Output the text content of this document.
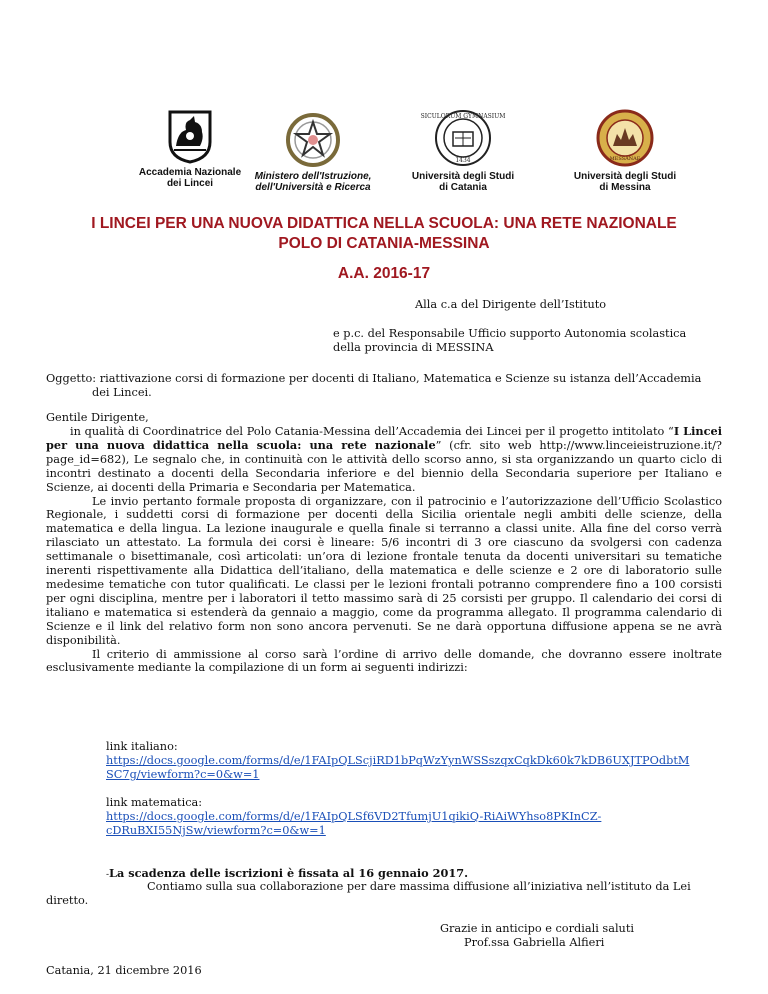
Accademia Nazionale
dei Lincei
Ministero dell'Istruzione,
dell'Università e Ricerca
SICULORUM GYMNASIUM
1434
Università degli Studi
di Catania
MESSANAE
Università degli Studi
di Messina
I LINCEI PER UNA NUOVA DIDATTICA NELLA SCUOLA: UNA RETE NAZIONALE
POLO DI CATANIA-MESSINA
A.A. 2016-17
Alla c.a del Dirigente dell’Istituto
e p.c. del Responsabile Ufficio supporto Autonomia scolastica
della provincia di MESSINA
Oggetto: riattivazione corsi di formazione per docenti di Italiano, Matematica e Scienze su istanza dell’Accademia
dei Lincei.
Gentile Dirigente,

in qualità di Coordinatrice del Polo Catania-Messina dell’Accademia dei Lincei per il progetto intitolato “I Lincei per una nuova didattica nella scuola: una rete nazionale” (cfr. sito web http://www.linceieistruzione.it/?page_id=682), Le segnalo che, in continuità con le attività dello scorso anno, si sta organizzando un quarto ciclo di incontri destinato a docenti della Secondaria inferiore e del biennio della Secondaria superiore per Italiano e Scienze, ai docenti della Primaria e Secondaria per Matematica.

Le invio pertanto formale proposta di organizzare, con il patrocinio e l’autorizzazione dell’Ufficio Scolastico Regionale, i suddetti corsi di formazione per docenti della Sicilia orientale negli ambiti delle scienze, della matematica e della lingua. La lezione inaugurale e quella finale si terranno a classi unite. Alla fine del corso verrà rilasciato un attestato. La formula dei corsi è lineare: 5/6 incontri di 3 ore ciascuno da svolgersi con cadenza settimanale o bisettimanale, così articolati: un’ora di lezione frontale tenuta da docenti universitari su tematiche inerenti rispettivamente alla Didattica dell’italiano, della matematica e delle scienze e 2 ore di laboratorio sulle medesime tematiche con tutor qualificati. Le classi per le lezioni frontali potranno comprendere fino a 100 corsisti per ogni disciplina, mentre per i laboratori il tetto massimo sarà di 25 corsisti per gruppo. Il calendario dei corsi di italiano e matematica si estenderà da gennaio a maggio, come da programma allegato. Il programma calendario di Scienze e il link del relativo form non sono ancora pervenuti. Se ne darà opportuna diffusione appena se ne avrà disponibilità.

Il criterio di ammissione al corso sarà l’ordine di arrivo delle domande, che dovranno essere inoltrate esclusivamente mediante la compilazione di un form ai seguenti indirizzi:

link italiano:
https://docs.google.com/forms/d/e/1FAIpQLScjiRD1bPqWzYynWSSszqxCqkDk60k7kDB6UXJTPOdbtM
SC7g/viewform?c=0&w=1
link matematica:
https://docs.google.com/forms/d/e/1FAIpQLSf6VD2TfumjU1qikiQ-RiAiWYhso8PKInCZ-
cDRuBXI55NjSw/viewform?c=0&w=1
-La scadenza delle iscrizioni è fissata al 16 gennaio 2017.
Contiamo sulla sua collaborazione per dare massima diffusione all’iniziativa nell’istituto da Lei
diretto.
Grazie in anticipo e cordiali saluti
Prof.ssa Gabriella Alfieri
Catania, 21 dicembre 2016
